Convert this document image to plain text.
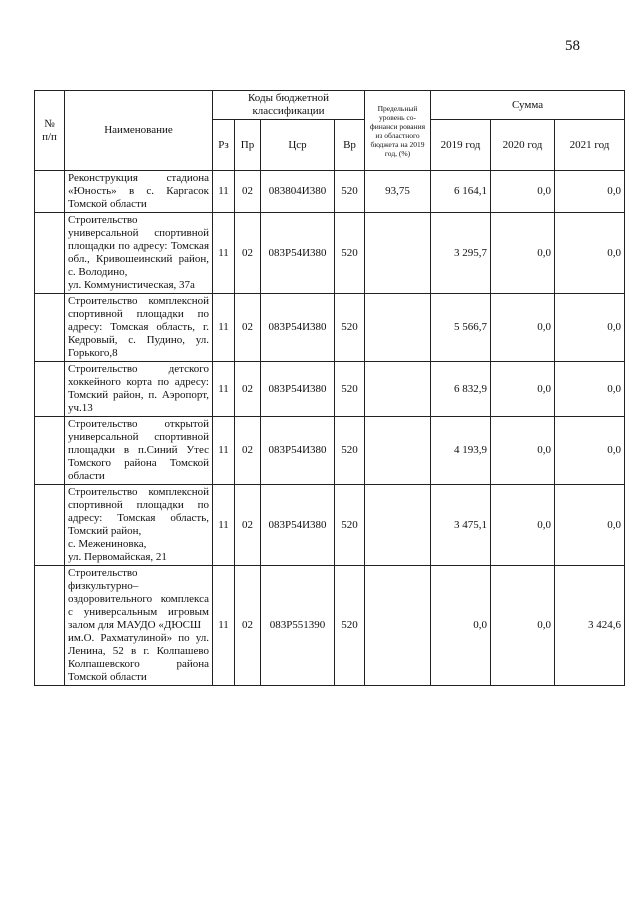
58
№
п/п	Наименование	Коды бюджетной классификации				Предельный уровень со-финанси рования из областного бюджета на 2019 год, (%)	Сумма		
		Рз	Пр	Цср	Вр		2019 год	2020 год	2021 год

	Реконструкция стадиона «Юность» в с. Каргасок Томской области	11	02	083804И380	520	93,75	6 164,1	0,0	0,0

	Строительство универсальной спортивной площадки по адресу: Томская обл., Кривошеинский район, с. Володино,
ул. Коммунистическая, 37а	11	02	083Р54И380	520		3 295,7	0,0	0,0

	Строительство комплексной спортивной площадки по адресу: Томская область, г. Кедровый, с. Пудино, ул. Горького,8	11	02	083Р54И380	520		5 566,7	0,0	0,0

	Строительство детского хоккейного корта по адресу: Томский район, п. Аэропорт, уч.13	11	02	083Р54И380	520		6 832,9	0,0	0,0

	Строительство открытой универсальной спортивной площадки в п.Синий Утес Томского района Томской области	11	02	083Р54И380	520		4 193,9	0,0	0,0

	Строительство комплексной спортивной площадки по адресу: Томская область, Томский район,
с. Межениновка,
ул. Первомайская, 21	11	02	083Р54И380	520		3 475,1	0,0	0,0

	Строительство физкультурно–оздоровительного комплекса с универсальным игровым залом для МАУДО «ДЮСШ
им.О. Рахматулиной» по ул. Ленина, 52 в г. Колпашево Колпашевского района Томской области	11	02	083Р551390	520		0,0	0,0	3 424,6
